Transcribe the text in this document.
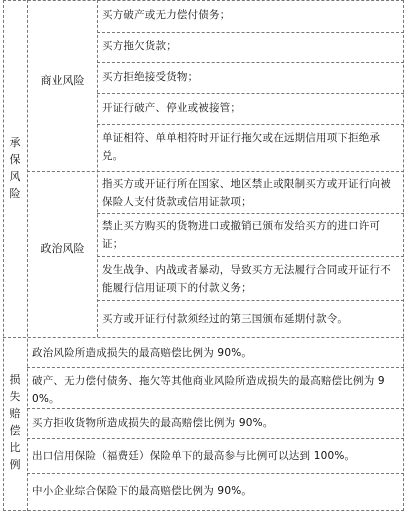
承保风险
损失赔偿比例
商业风险
政治风险
买方破产或无力偿付债务；
买方拖欠货款；
买方拒绝接受货物；
开证行破产、停业或被接管；
单证相符、单单相符时开证行拖欠或在远期信用项下拒绝承兑。
指买方或开证行所在国家、地区禁止或限制买方或开证行向被保险人支付货款或信用证款项；
禁止买方购买的货物进口或撤销已颁布发给买方的进口许可证；
发生战争、内战或者暴动，导致买方无法履行合同或开证行不能履行信用证项下的付款义务；
买方或开证行付款须经过的第三国颁布延期付款令。
政治风险所造成损失的最高赔偿比例为 90%。
破产、无力偿付债务、拖欠等其他商业风险所造成损失的最高赔偿比例为 90%。
买方拒收货物所造成损失的最高赔偿比例为 90%。
出口信用保险（福费廷）保险单下的最高参与比例可以达到 100%。
中小企业综合保险下的最高赔偿比例为 90%。
